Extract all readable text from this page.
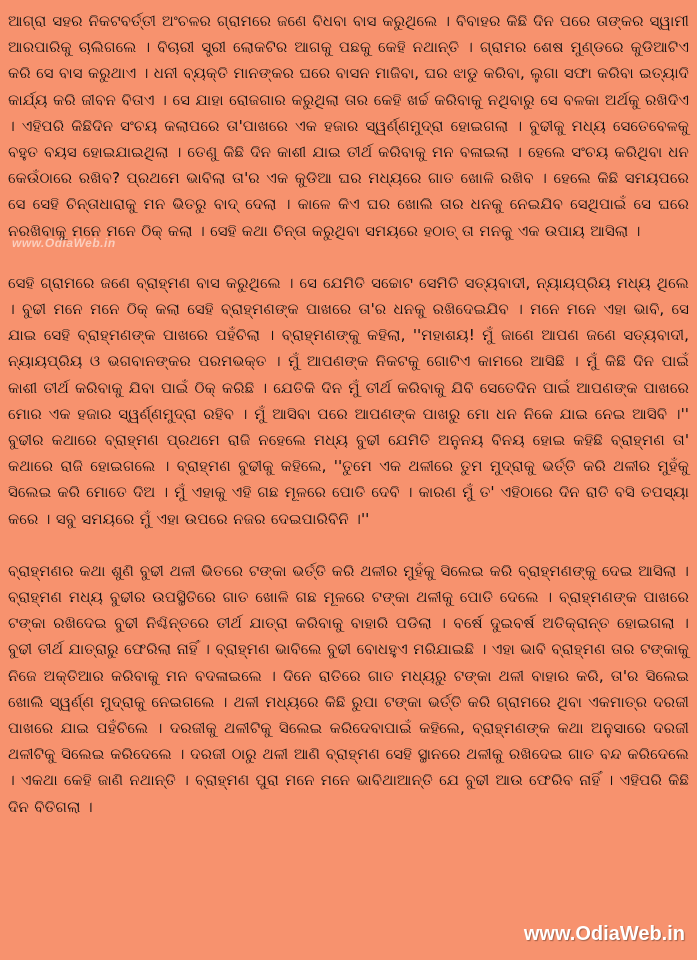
ଆଗ୍ରା ସହର ନିକଟବର୍ତ୍ତୀ ଅଂଚଳର ଗ୍ରାମରେ ଜଣେ ବିଧବା ବାସ କରୁଥିଲେ । ବିବାହର କିଛି ଦିନ ପରେ ତାଙ୍କର ସ୍ୱାମୀ ଆରପାରିକୁ ଚାଲିଗଲେ । ବିଚାରୀ ସ୍ତ୍ରୀ ଲୋକଟିର ଆଗକୁ ପଛକୁ କେହି ନଥାନ୍ତି । ଗ୍ରାମର ଶେଷ ମୁଣ୍ଡରେ କୁଡିଆଟିଏ କରି ସେ ବାସ କରୁଥାଏ । ଧନୀ ବ୍ୟକ୍ତି ମାନଙ୍କର ଘରେ ବାସନ ମାଜିବା, ଘର ଝାଡୁ କରିବା, ଲୁଗା ସଫା କରିବା ଇତ୍ୟାଦି କାର୍ଯ୍ୟ କରି ଜୀବନ ବିତାଏ । ସେ ଯାହା ରୋଜଗାର କରୁଥିଲା ତାର କେହି ଖର୍ଚ୍ଚ କରିବାକୁ ନଥିବାରୁ ସେ ବଳକା ଅର୍ଥକୁ ରଖିଦିଏ । ଏହିପରି କିଛିଦିନ ସଂଚୟ କଲାପରେ ତା'ପାଖରେ ଏକ ହଜାର ସ୍ୱର୍ଣ୍ଣମୁଦ୍ରା ହୋଇଗଲା । ବୁଢୀକୁ ମଧ୍ୟ ସେତେବେଳକୁ ବହୁତ ବୟସ ହୋଇଯାଇଥିଲା । ତେଣୁ କିଛି ଦିନ କାଶୀ ଯାଇ ତୀର୍ଥ କରିବାକୁ ମନ ବଳାଇଲା । ହେଲେ ସଂଚୟ କରିଥିବା ଧନ କେଉଁଠାରେ ରଖିବ? ପ୍ରଥମେ ଭାବିଲା ତା'ର ଏକ କୁଡିଆ ଘର ମଧ୍ୟରେ ଗାତ ଖୋଳି ରଖିବ । ହେଲେ କିଛି ସମୟପରେ ସେ ସେହି ଚିନ୍ତାଧାରାକୁ ମନ ଭିତରୁ ବାଦ୍ ଦେଲା । କାଳେ କିଏ ଘର ଖୋଲି ତାର ଧନକୁ ନେଇଯିବ ସେଥିପାଇଁ ସେ ଘରେ ନରଖିବାକୁ ମନେ ମନେ ଠିକ୍ କଲା । ସେହି କଥା ଚିନ୍ତା କରୁଥିବା ସମୟରେ ହଠାତ୍ ତା ମନକୁ ଏକ ଉପାୟ ଆସିଲା ।

ସେହି ଗ୍ରାମରେ ଜଣେ ବ୍ରାହ୍ମଣ ବାସ କରୁଥିଲେ । ସେ ଯେମିତି ସଚ୍ଚୋଟ ସେମିତି ସତ୍ୟବାଦୀ, ନ୍ୟାୟପ୍ରିୟ ମଧ୍ୟ ଥିଲେ । ବୁଢୀ ମନେ ମନେ ଠିକ୍ କଲା ସେହି ବ୍ରାହ୍ମଣଙ୍କ ପାଖରେ ତା'ର ଧନକୁ ରଖିଦେଇଯିବ । ମନେ ମନେ ଏହା ଭାବି, ସେ ଯାଇ ସେହି ବ୍ରାହ୍ମଣଙ୍କ ପାଖରେ ପହଁଚିଲା । ବ୍ରାହ୍ମଣଙ୍କୁ କହିଲା, ''ମହାଶୟ! ମୁଁ ଜାଣେ ଆପଣ ଜଣେ ସତ୍ୟବାଦୀ, ନ୍ୟାୟପ୍ରିୟ ଓ ଭଗବାନଙ୍କର ପରମଭକ୍ତ । ମୁଁ ଆପଣଙ୍କ ନିକଟକୁ ଗୋଟିଏ କାମରେ ଆସିଛି । ମୁଁ କିଛି ଦିନ ପାଇଁ କାଶୀ ତୀର୍ଥ କରିବାକୁ ଯିବା ପାଇଁ ଠିକ୍ କରିଛି । ଯେତିକି ଦିନ ମୁଁ ତୀର୍ଥ କରିବାକୁ ଯିବି ସେତେଦିନ ପାଇଁ ଆପଣଙ୍କ ପାଖରେ ମୋର ଏକ ହଜାର ସ୍ୱର୍ଣ୍ଣମୁଦ୍ରା ରହିବ । ମୁଁ ଆସିବା ପରେ ଆପଣଙ୍କ ପାଖରୁ ମୋ ଧନ ନିକେ ଯାଇ ନେଇ ଆସିବି ।'' ବୁଢୀର କଥାରେ ବ୍ରାହ୍ମଣ ପ୍ରଥମେ ରାଜି ନହେଲେ ମଧ୍ୟ ବୁଢୀ ଯେମିତି ଅନୁନୟ ବିନୟ ହୋଇ କହିଛି ବ୍ରାହ୍ମଣ ତା' କଥାରେ ରାଜି ହୋଇଗଲେ । ବ୍ରାହ୍ମଣ ବୁଢୀକୁ କହିଲେ, ''ତୁମେ ଏକ ଥଳୀରେ ତୁମ ମୁଦ୍ରାକୁ ଭର୍ତ୍ତି କରି ଥଳୀର ମୁହଁକୁ ସିଲେଇ କରି ମୋତେ ଦିଅ । ମୁଁ ଏହାକୁ ଏହି ଗଛ ମୂଳରେ ପୋତି ଦେବି । କାରଣ ମୁଁ ତ' ଏହିଠାରେ ଦିନ ରାତି ବସି ତପସ୍ୟା କରେ । ସବୁ ସମୟରେ ମୁଁ ଏହା ଉପରେ ନଜର ଦେଇପାରିବିନି ।''

ବ୍ରାହ୍ମଣର କଥା ଶୁଣି ବୁଢୀ ଥଳୀ ଭିତରେ ଟଙ୍କା ଭର୍ତ୍ତି କରି ଥଳୀର ମୁହଁକୁ ସିଲେଇ କରି ବ୍ରାହ୍ମଣଙ୍କୁ ଦେଇ ଆସିଲା । ବ୍ରାହ୍ମଣ ମଧ୍ୟ ବୁଢୀର ଉପସ୍ଥିତିରେ ଗାତ ଖୋଳି ଗଛ ମୂଳରେ ଟଙ୍କା ଥଳୀକୁ ପୋତି ଦେଲେ । ବ୍ରାହ୍ମଣଙ୍କ ପାଖରେ ଟଙ୍କା ରଖିଦେଇ ବୁଢୀ ନିଶ୍ଚିନ୍ତରେ ତୀର୍ଥ ଯାତ୍ରା କରିବାକୁ ବାହାରି ପଡିଲା । ବର୍ଷେ ଦୁଇବର୍ଷ ଅତିକ୍ରାନ୍ତ ହୋଇଗଲା । ବୁଢୀ ତୀର୍ଥ ଯାତ୍ରାରୁ ଫେରିଲା ନାହିଁ । ବ୍ରାହ୍ମଣ ଭାବିଲେ ବୁଢୀ ବୋଧହୁଏ ମରିଯାଇଛି । ଏହା ଭାବି ବ୍ରାହ୍ମଣ ତାର ଟଙ୍କାକୁ ନିଜେ ଅକ୍ତିଆର କରିବାକୁ ମନ ବଦଳାଇଲେ । ଦିନେ ରାତିରେ ଗାତ ମଧ୍ୟରୁ ଟଙ୍କା ଥଳୀ ବାହାର କରି, ତା'ର ସିଲେଇ ଖୋଲି ସ୍ୱର୍ଣ୍ଣ ମୁଦ୍ରାକୁ ନେଇଗଲେ । ଥଳୀ ମଧ୍ୟରେ କିଛି ରୁପା ଟଙ୍କା ଭର୍ତ୍ତି କରି ଗ୍ରାମରେ ଥିବା ଏକମାତ୍ର ଦରଜୀ ପାଖରେ ଯାଇ ପହଁଚିଲେ । ଦରଜୀକୁ ଥଳୀଟିକୁ ସିଲେଇ କରିଦେବାପାଇଁ କହିଲେ, ବ୍ରାହ୍ମଣଙ୍କ କଥା ଅନୁସାରେ ଦରଜୀ ଥଳୀଟିକୁ ସିଲେଇ କରିଦେଲେ । ଦରଜୀ ଠାରୁ ଥଳୀ ଆଣି ବ୍ରାହ୍ମଣ ସେହି ସ୍ଥାନରେ ଥଳୀକୁ ରଖିଦେଇ ଗାତ ବନ୍ଦ କରିଦେଲେ । ଏକଥା କେହି ଜାଣି ନଥାନ୍ତି । ବ୍ରାହ୍ମଣ ପୁରା ମନେ ମନେ ଭାବିଥାଆନ୍ତି ଯେ ବୁଢୀ ଆଉ ଫେରିବ ନାହିଁ । ଏହିପରି କିଛି ଦିନ ବିତିଗଲା ।

www.OdiaWeb.in
www.OdiaWeb.in
